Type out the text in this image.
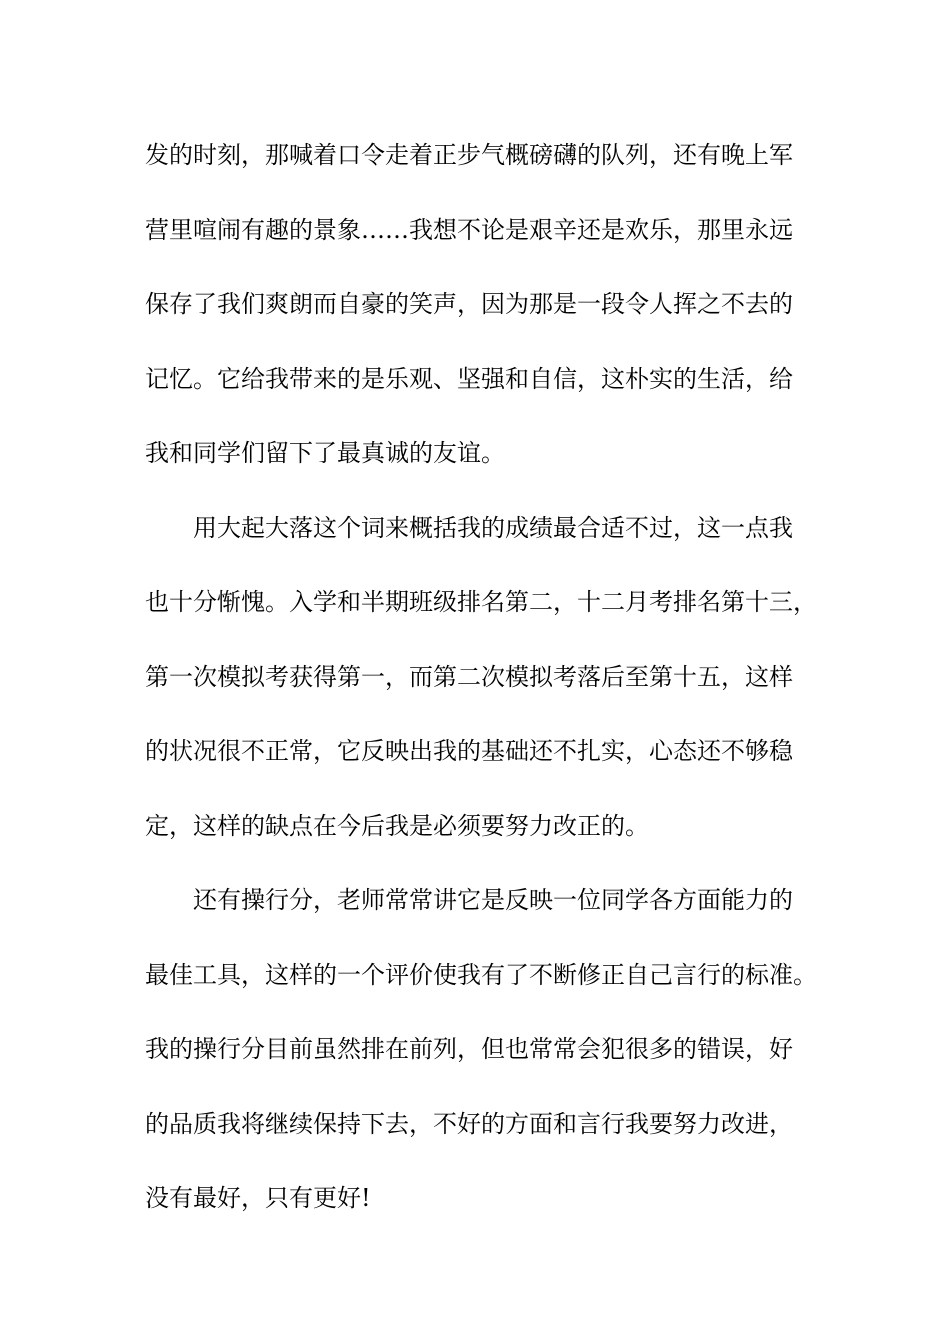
发的时刻，那喊着口令走着正步气概磅礴的队列，还有晚上军
营里喧闹有趣的景象……我想不论是艰辛还是欢乐，那里永远
保存了我们爽朗而自豪的笑声，因为那是一段令人挥之不去的
记忆。它给我带来的是乐观、坚强和自信，这朴实的生活，给
我和同学们留下了最真诚的友谊。
用大起大落这个词来概括我的成绩最合适不过，这一点我
也十分惭愧。入学和半期班级排名第二，十二月考排名第十三，
第一次模拟考获得第一，而第二次模拟考落后至第十五，这样
的状况很不正常，它反映出我的基础还不扎实，心态还不够稳
定，这样的缺点在今后我是必须要努力改正的。
还有操行分，老师常常讲它是反映一位同学各方面能力的
最佳工具，这样的一个评价使我有了不断修正自己言行的标准。
我的操行分目前虽然排在前列，但也常常会犯很多的错误，好
的品质我将继续保持下去，不好的方面和言行我要努力改进，
没有最好，只有更好!
